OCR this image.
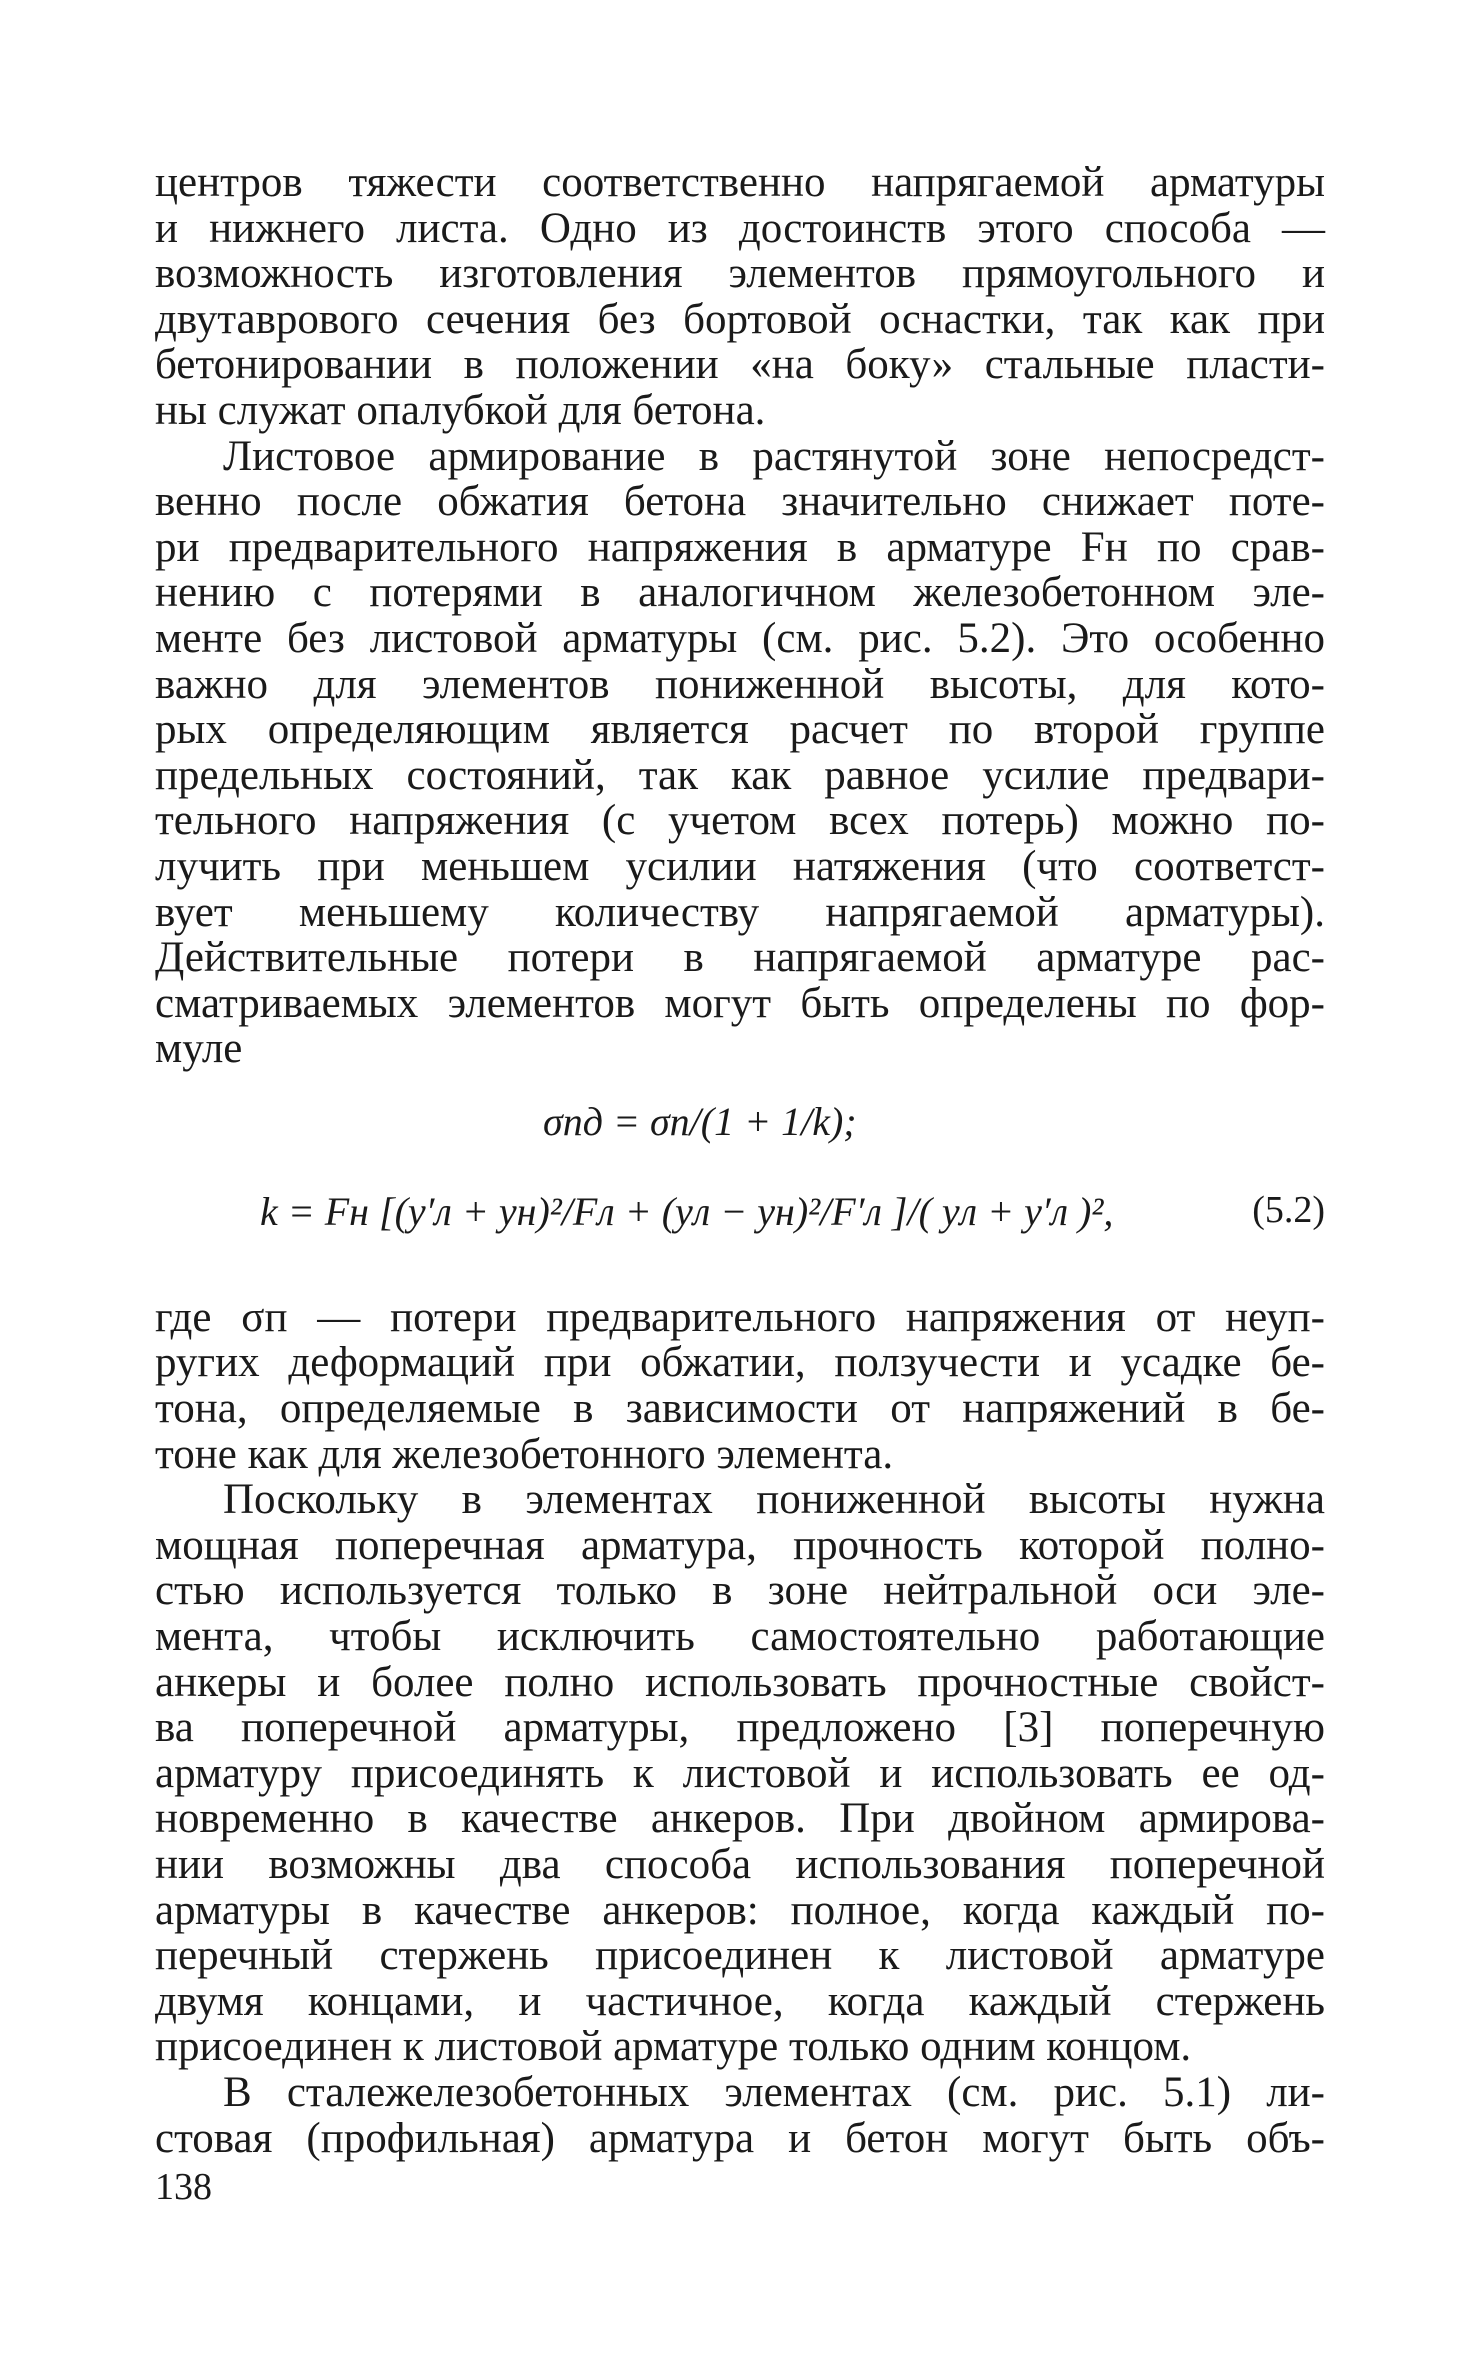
центров тяжести соответственно напрягаемой арматуры
и нижнего листа. Одно из достоинств этого способа —
возможность изготовления элементов прямоугольного и
двутаврового сечения без бортовой оснастки, так как при
бетонировании в положении «на боку» стальные пласти-
ны служат опалубкой для бетона.

Листовое армирование в растянутой зоне непосредст-
венно после обжатия бетона значительно снижает поте-
ри предварительного напряжения в арматуре Fн по срав-
нению с потерями в аналогичном железобетонном эле-
менте без листовой арматуры (см. рис. 5.2). Это особенно
важно для элементов пониженной высоты, для кото-
рых определяющим является расчет по второй группе
предельных состояний, так как равное усилие предвари-
тельного напряжения (с учетом всех потерь) можно по-
лучить при меньшем усилии натяжения (что соответст-
вует меньшему количеству напрягаемой арматуры).
Действительные потери в напрягаемой арматуре рас-
сматриваемых элементов могут быть определены по фор-
муле

σпд = σп/(1 + 1/k);
k = Fн [(y′л + yн)²/Fл + (yл − yн)²/F′л ]/( yл + y′л )²,	(5.2)

где σп — потери предварительного напряжения от неуп-
ругих деформаций при обжатии, ползучести и усадке бе-
тона, определяемые в зависимости от напряжений в бе-
тоне как для железобетонного элемента.

Поскольку в элементах пониженной высоты нужна
мощная поперечная арматура, прочность которой полно-
стью используется только в зоне нейтральной оси эле-
мента, чтобы исключить самостоятельно работающие
анкеры и более полно использовать прочностные свойст-
ва поперечной арматуры, предложено [3] поперечную
арматуру присоединять к листовой и использовать ее од-
новременно в качестве анкеров. При двойном армирова-
нии возможны два способа использования поперечной
арматуры в качестве анкеров: полное, когда каждый по-
перечный стержень присоединен к листовой арматуре
двумя концами, и частичное, когда каждый стержень
присоединен к листовой арматуре только одним концом.

В сталежелезобетонных элементах (см. рис. 5.1) ли-
стовая (профильная) арматура и бетон могут быть объ-

138
